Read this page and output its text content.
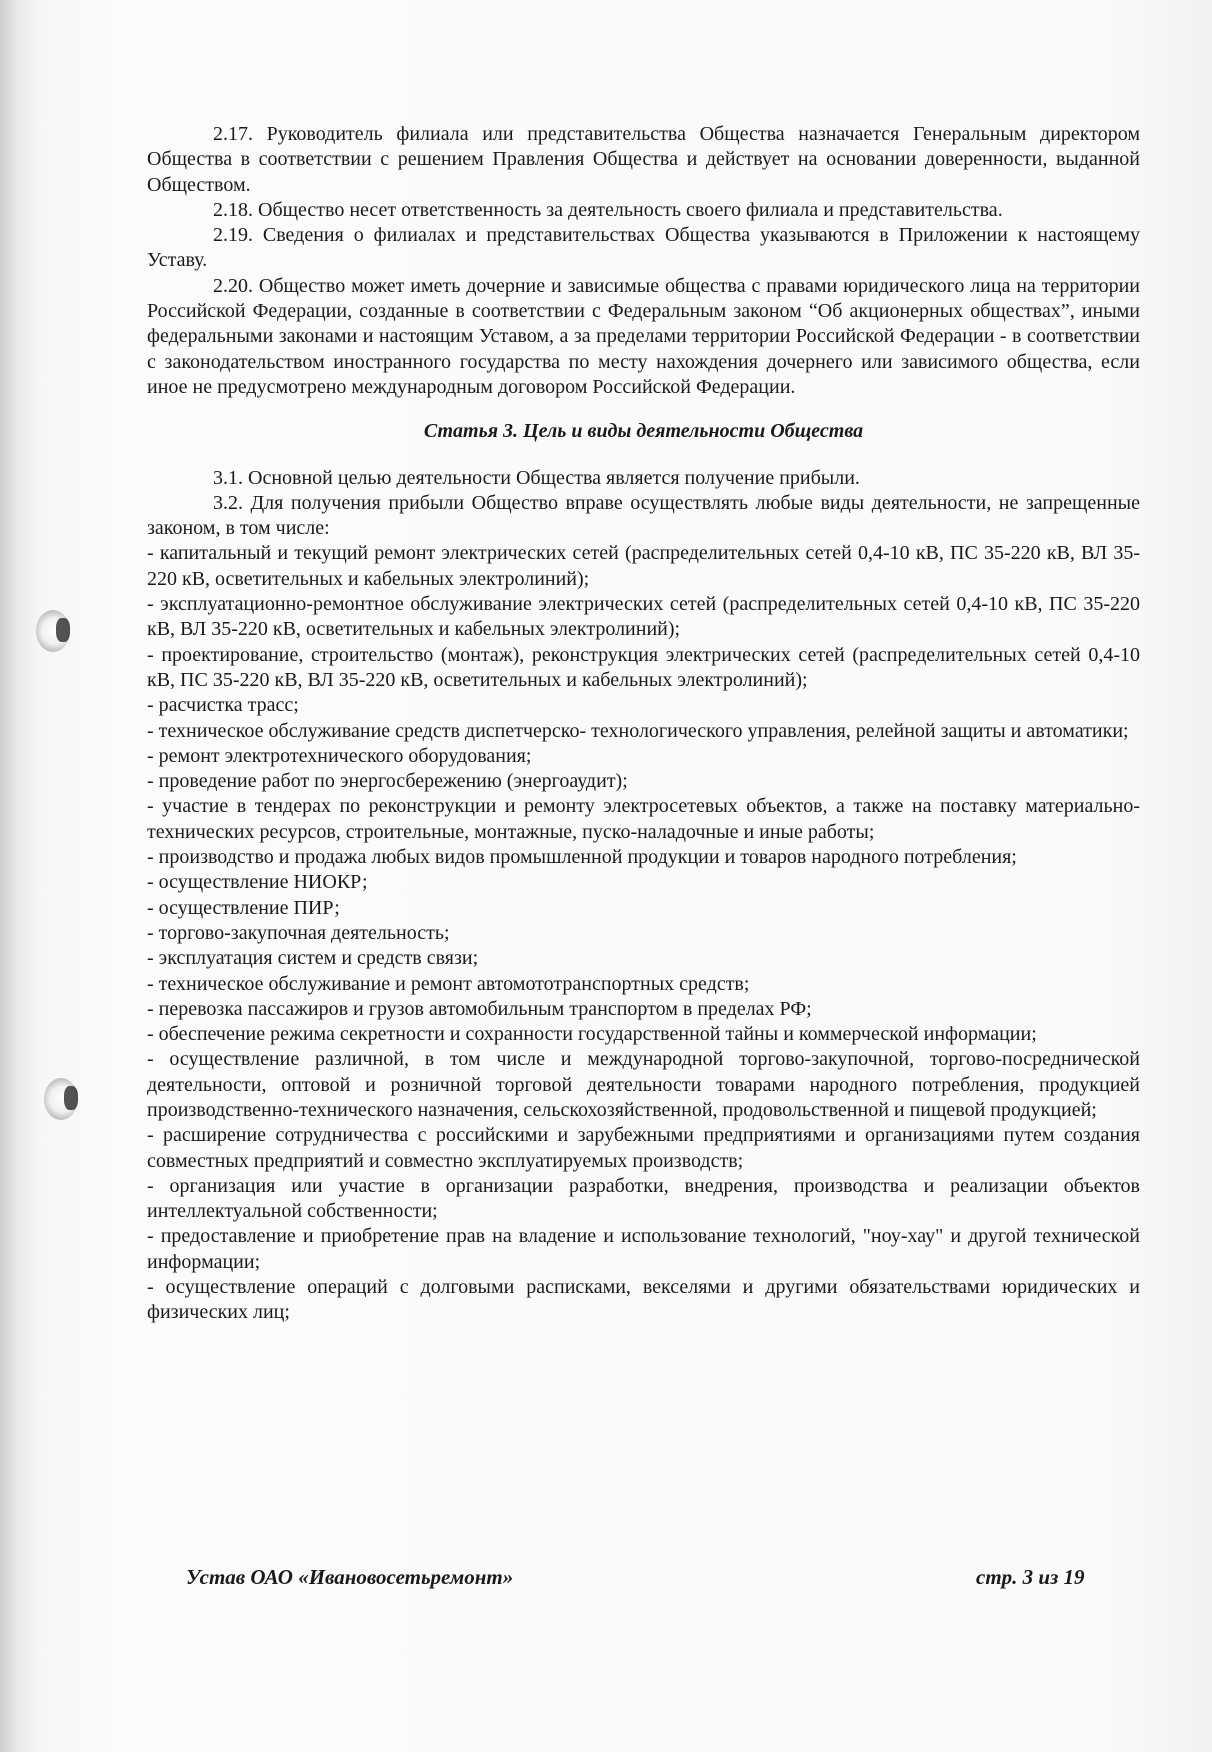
2.17. Руководитель филиала или представительства Общества назначается Генеральным директором Общества в соответствии с решением Правления Общества и действует на основании доверенности, выданной Обществом.

2.18. Общество несет ответственность за деятельность своего филиала и представительства.

2.19. Сведения о филиалах и представительствах Общества указываются в Приложении к настоящему Уставу.

2.20. Общество может иметь дочерние и зависимые общества с правами юридического лица на территории Российской Федерации, созданные в соответствии с Федеральным законом “Об акционерных обществах”, иными федеральными законами и настоящим Уставом, а за пределами территории Российской Федерации - в соответствии с законодательством иностранного государства по месту нахождения дочернего или зависимого общества, если иное не предусмотрено международным договором Российской Федерации.

Статья 3. Цель и виды деятельности Общества

3.1. Основной целью деятельности Общества является получение прибыли.

3.2. Для получения прибыли Общество вправе осуществлять любые виды деятельности, не запрещенные законом, в том числе:

- капитальный и текущий ремонт электрических сетей (распределительных сетей 0,4-10 кВ, ПС 35-220 кВ, ВЛ 35-220 кВ, осветительных и кабельных электролиний);

- эксплуатационно-ремонтное обслуживание электрических сетей (распределительных сетей 0,4-10 кВ, ПС 35-220 кВ, ВЛ 35-220 кВ, осветительных и кабельных электролиний);

- проектирование, строительство (монтаж), реконструкция электрических сетей (распределительных сетей 0,4-10 кВ, ПС 35-220 кВ, ВЛ 35-220 кВ, осветительных и кабельных электролиний);

- расчистка трасс;

- техническое обслуживание средств диспетчерско- технологического управления, релейной защиты и автоматики;

- ремонт электротехнического оборудования;

- проведение работ по энергосбережению (энергоаудит);

- участие в тендерах по реконструкции и ремонту электросетевых объектов, а также на поставку материально-технических ресурсов, строительные, монтажные, пуско-наладочные и иные работы;

- производство и продажа любых видов промышленной продукции и товаров народного потребления;

- осуществление НИОКР;

- осуществление ПИР;

- торгово-закупочная деятельность;

- эксплуатация систем и средств связи;

- техническое обслуживание и ремонт автомототранспортных средств;

- перевозка пассажиров и грузов автомобильным транспортом в пределах РФ;

- обеспечение режима секретности и сохранности государственной тайны и коммерческой информации;

- осуществление различной, в том числе и международной торгово-закупочной, торгово-посреднической деятельности, оптовой и розничной торговой деятельности товарами народного потребления, продукцией производственно-технического назначения, сельскохозяйственной, продовольственной и пищевой продукцией;

- расширение сотрудничества с российскими и зарубежными предприятиями и организациями путем создания совместных предприятий и совместно эксплуатируемых производств;

- организация или участие в организации разработки, внедрения, производства и реализации объектов интеллектуальной собственности;

- предоставление и приобретение прав на владение и использование технологий, "ноу-хау" и другой технической информации;

- осуществление операций с долговыми расписками, векселями и другими обязательствами юридических и физических лиц;

Устав ОАО «Ивановосетьремонт»	стр. 3 из 19
